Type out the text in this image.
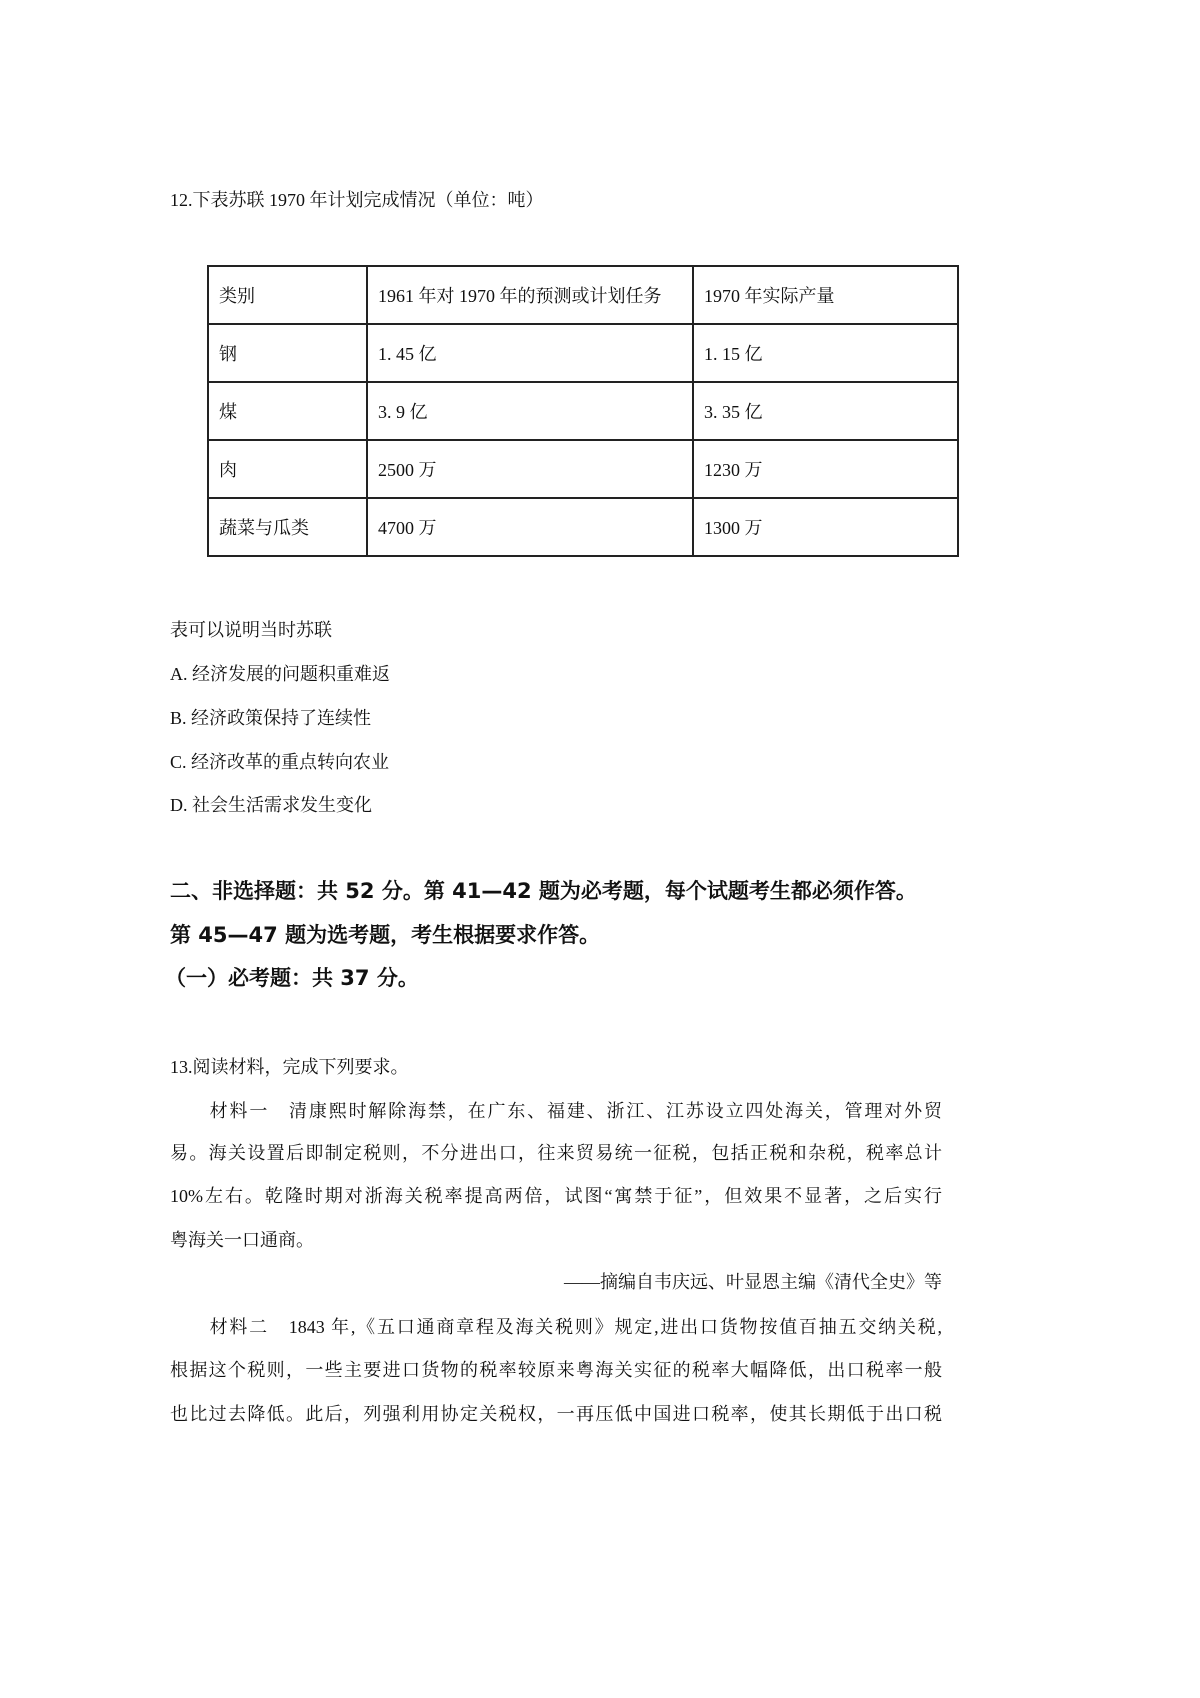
12.下表苏联 1970 年计划完成情况（单位：吨）
类别	1961 年对 1970 年的预测或计划任务	1970 年实际产量
钢	1. 45 亿	1. 15 亿
煤	3. 9 亿	3. 35 亿
肉	2500 万	1230 万
蔬菜与瓜类	4700 万	1300 万
表可以说明当时苏联
A. 经济发展的问题积重难返
B. 经济政策保持了连续性
C. 经济改革的重点转向农业
D. 社会生活需求发生变化
二、非选择题：共 52 分。第 41—42 题为必考题，每个试题考生都必须作答。
第 45—47 题为选考题，考生根据要求作答。
（一）必考题：共 37 分。
13.阅读材料，完成下列要求。
　　材料一　清康熙时解除海禁，在广东、福建、浙江、江苏设立四处海关，管理对外贸
易。海关设置后即制定税则，不分进出口，往来贸易统一征税，包括正税和杂税，税率总计
10%左右。乾隆时期对浙海关税率提高两倍，试图“寓禁于征”，但效果不显著，之后实行
粤海关一口通商。
——摘编自韦庆远、叶显恩主编《清代全史》等
　　材料二　1843 年,《五口通商章程及海关税则》规定,进出口货物按值百抽五交纳关税,
根据这个税则，一些主要进口货物的税率较原来粤海关实征的税率大幅降低，出口税率一般
也比过去降低。此后，列强利用协定关税权，一再压低中国进口税率，使其长期低于出口税
